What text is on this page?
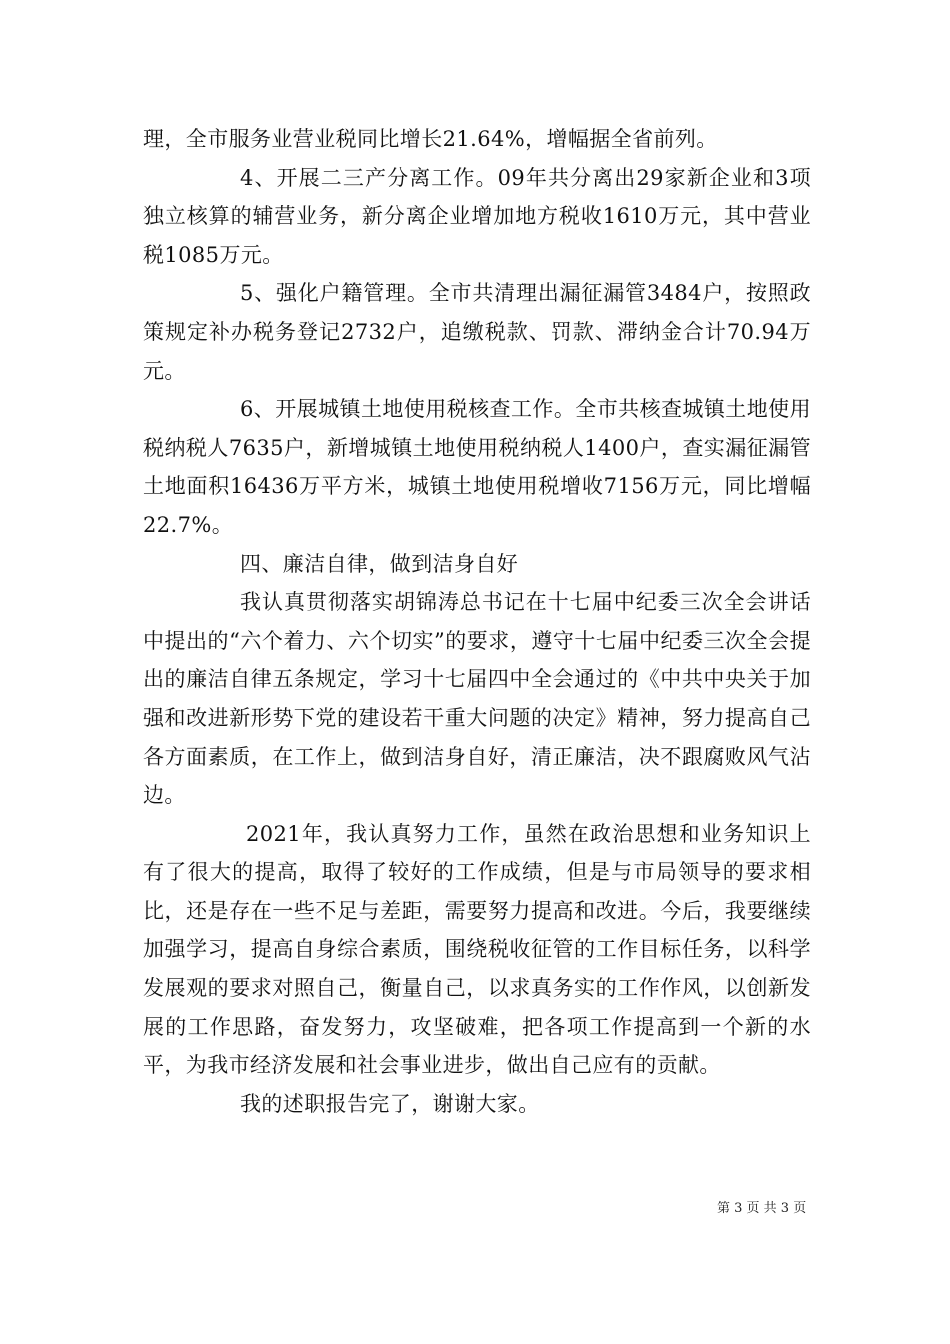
理，全市服务业营业税同比增长21.64%，增幅据全省前列。

4、开展二三产分离工作。09年共分离出29家新企业和3项独立核算的辅营业务，新分离企业增加地方税收1610万元，其中营业税1085万元。

5、强化户籍管理。全市共清理出漏征漏管3484户，按照政策规定补办税务登记2732户，追缴税款、罚款、滞纳金合计70.94万元。

6、开展城镇土地使用税核查工作。全市共核查城镇土地使用税纳税人7635户，新增城镇土地使用税纳税人1400户，查实漏征漏管土地面积16436万平方米，城镇土地使用税增收7156万元，同比增幅22.7%。

四、廉洁自律，做到洁身自好

我认真贯彻落实胡锦涛总书记在十七届中纪委三次全会讲话中提出的“六个着力、六个切实”的要求，遵守十七届中纪委三次全会提出的廉洁自律五条规定，学习十七届四中全会通过的《中共中央关于加强和改进新形势下党的建设若干重大问题的决定》精神，努力提高自己各方面素质，在工作上，做到洁身自好，清正廉洁，决不跟腐败风气沾边。

2021年，我认真努力工作，虽然在政治思想和业务知识上有了很大的提高，取得了较好的工作成绩，但是与市局领导的要求相比，还是存在一些不足与差距，需要努力提高和改进。今后，我要继续加强学习，提高自身综合素质，围绕税收征管的工作目标任务，以科学发展观的要求对照自己，衡量自己，以求真务实的工作作风，以创新发展的工作思路，奋发努力，攻坚破难，把各项工作提高到一个新的水平，为我市经济发展和社会事业进步，做出自己应有的贡献。

我的述职报告完了，谢谢大家。

第 3 页 共 3 页
